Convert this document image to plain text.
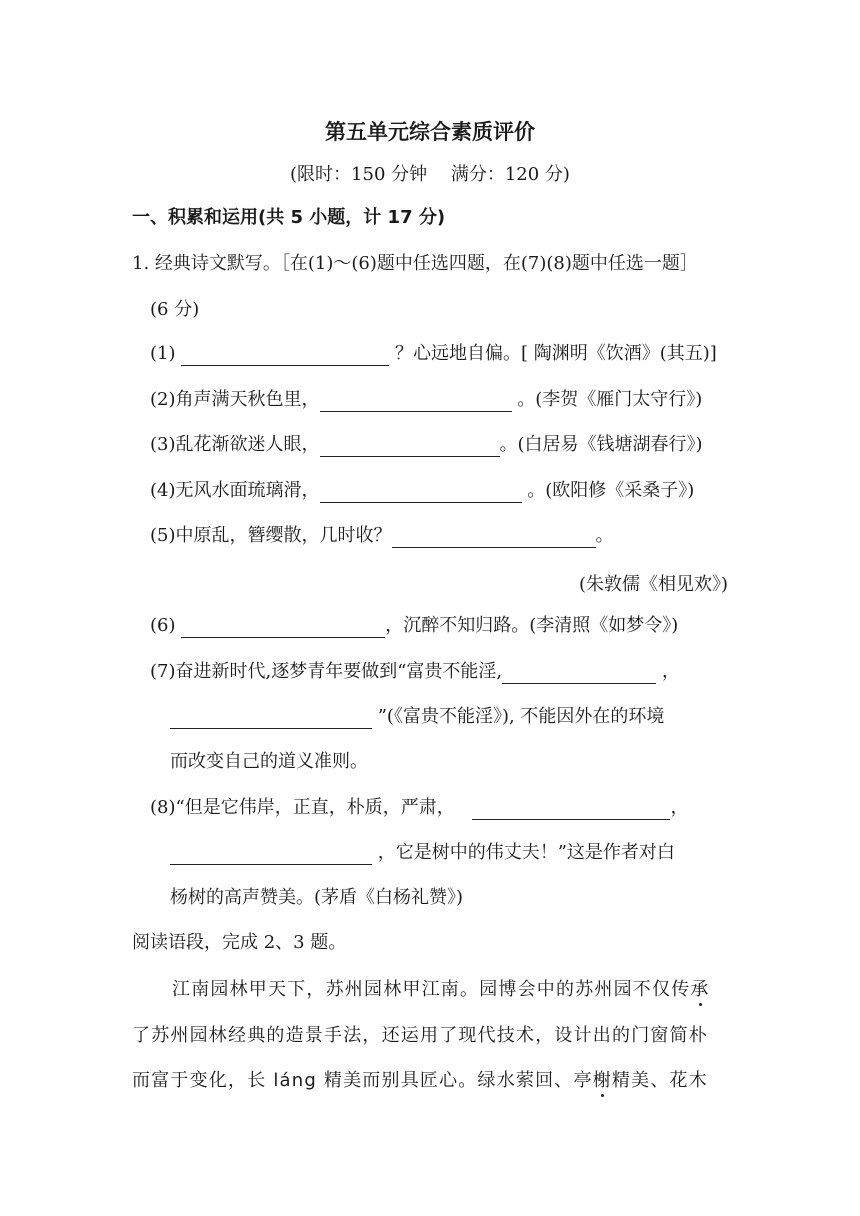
第五单元综合素质评价
(限时：150 分钟　 满分：120 分)
一、积累和运用(共 5 小题，计 17 分)
1. 经典诗文默写。［在(1)～(6)题中任选四题，在(7)(8)题中任选一题］
(6 分)
(1)	？心远地自偏。[ 陶渊明《饮酒》(其五)]
(2)角声满天秋色里，	。(李贺《雁门太守行》)
(3)乱花渐欲迷人眼，	。(白居易《钱塘湖春行》)
(4)无风水面琉璃滑，	。(欧阳修《采桑子》)
(5)中原乱，簪缨散，几时收？	。
(朱敦儒《相见欢》)
(6)	，沉醉不知归路。(李清照《如梦令》)
(7)奋进新时代,逐梦青年要做到“富贵不能淫,	，
”(《富贵不能淫》), 不能因外在的环境
而改变自己的道义准则。
(8)“但是它伟岸，正直，朴质，严肃，	，
，它是树中的伟丈夫！”这是作者对白
杨树的高声赞美。(茅盾《白杨礼赞》)
阅读语段，完成 2、3 题。
江南园林甲天下，苏州园林甲江南。园博会中的苏州园不仅传承
了苏州园林经典的造景手法，还运用了现代技术，设计出的门窗简朴
而富于变化，长 láng 精美而别具匠心。绿水萦回、亭榭精美、花木
